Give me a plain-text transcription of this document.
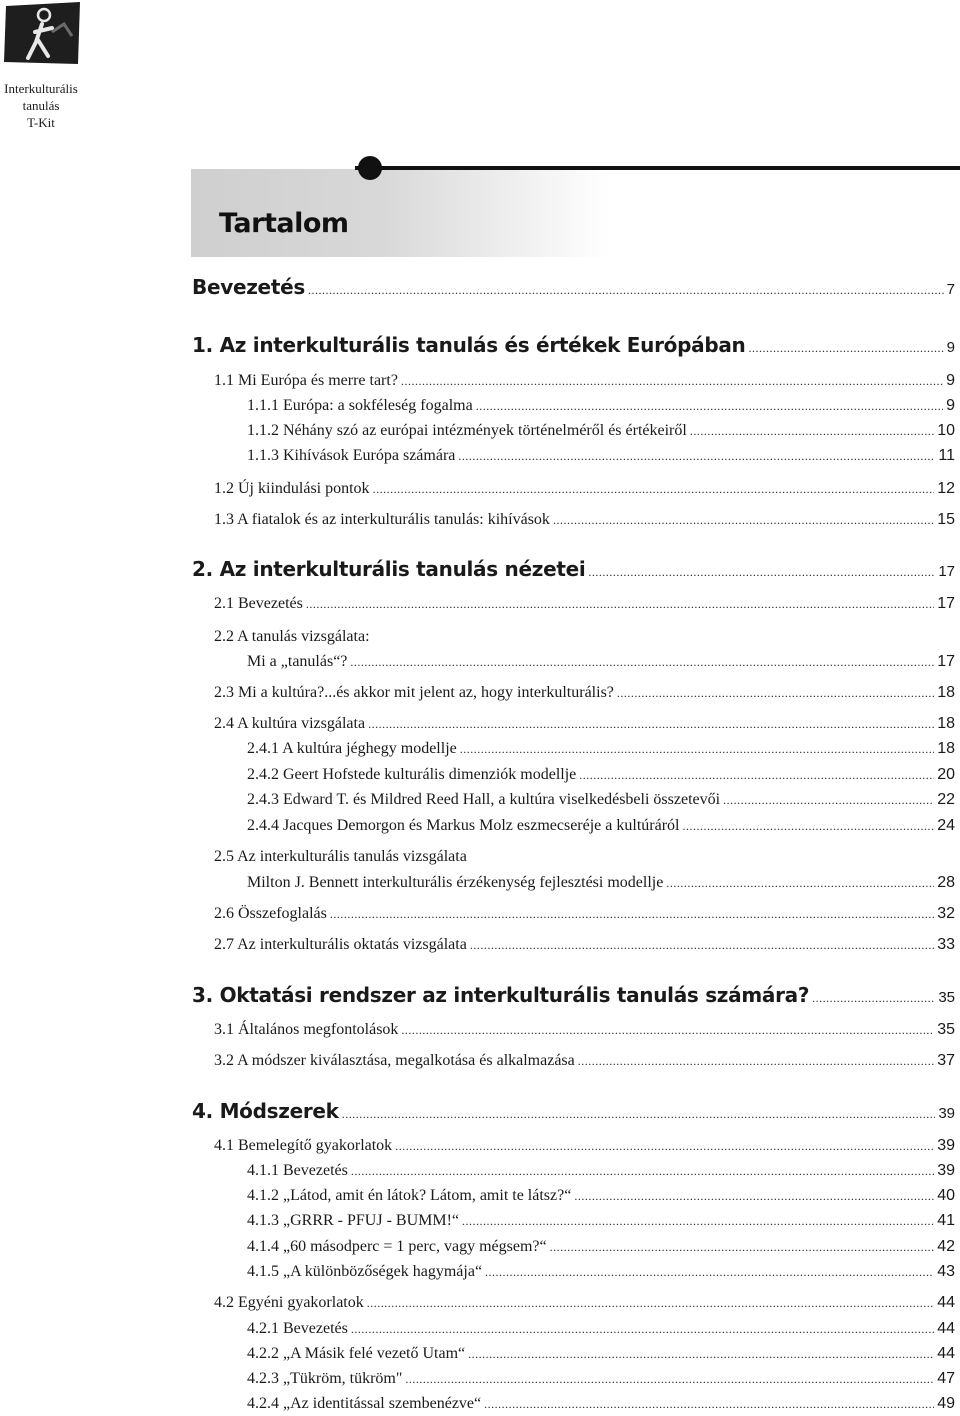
Interkulturális
tanulás
T-Kit
Tartalom
Bevezetés .....	7
1. Az interkulturális tanulás és értékek Európában .....	9
1.1 Mi Európa és merre tart? .....	9
1.1.1 Európa: a sokféleség fogalma .....	9
1.1.2 Néhány szó az európai intézmények történelméről és értékeiről .....	10
1.1.3 Kihívások Európa számára .....	11
1.2 Új kiindulási pontok .....	12
1.3 A fiatalok és az interkulturális tanulás: kihívások .....	15
2. Az interkulturális tanulás nézetei .....	17
2.1 Bevezetés .....	17
2.2 A tanulás vizsgálata:
Mi a „tanulás“? .....	17
2.3 Mi a kultúra?...és akkor mit jelent az, hogy interkulturális? .....	18
2.4 A kultúra vizsgálata .....	18
2.4.1 A kultúra jéghegy modellje .....	18
2.4.2 Geert Hofstede kulturális dimenziók modellje .....	20
2.4.3 Edward T. és Mildred Reed Hall, a kultúra viselkedésbeli összetevői .....	22
2.4.4 Jacques Demorgon és Markus Molz eszmecseréje a kultúráról .....	24
2.5 Az interkulturális tanulás vizsgálata
Milton J. Bennett interkulturális érzékenység fejlesztési modellje .....	28
2.6 Összefoglalás .....	32
2.7 Az interkulturális oktatás vizsgálata .....	33
3. Oktatási rendszer az interkulturális tanulás számára? .....	35
3.1 Általános megfontolások .....	35
3.2 A módszer kiválasztása, megalkotása és alkalmazása .....	37
4. Módszerek .....	39
4.1 Bemelegítő gyakorlatok .....	39
4.1.1 Bevezetés .....	39
4.1.2 „Látod, amit én látok? Látom, amit te látsz?“ .....	40
4.1.3 „GRRR - PFUJ - BUMM!“ .....	41
4.1.4 „60 másodperc = 1 perc, vagy mégsem?“ .....	42
4.1.5 „A különbözőségek hagymája“ .....	43
4.2 Egyéni gyakorlatok .....	44
4.2.1 Bevezetés .....	44
4.2.2 „A Másik felé vezető Utam“ .....	44
4.2.3 „Tükröm, tükröm" .....	47
4.2.4 „Az identitással szembenézve“ .....	49
